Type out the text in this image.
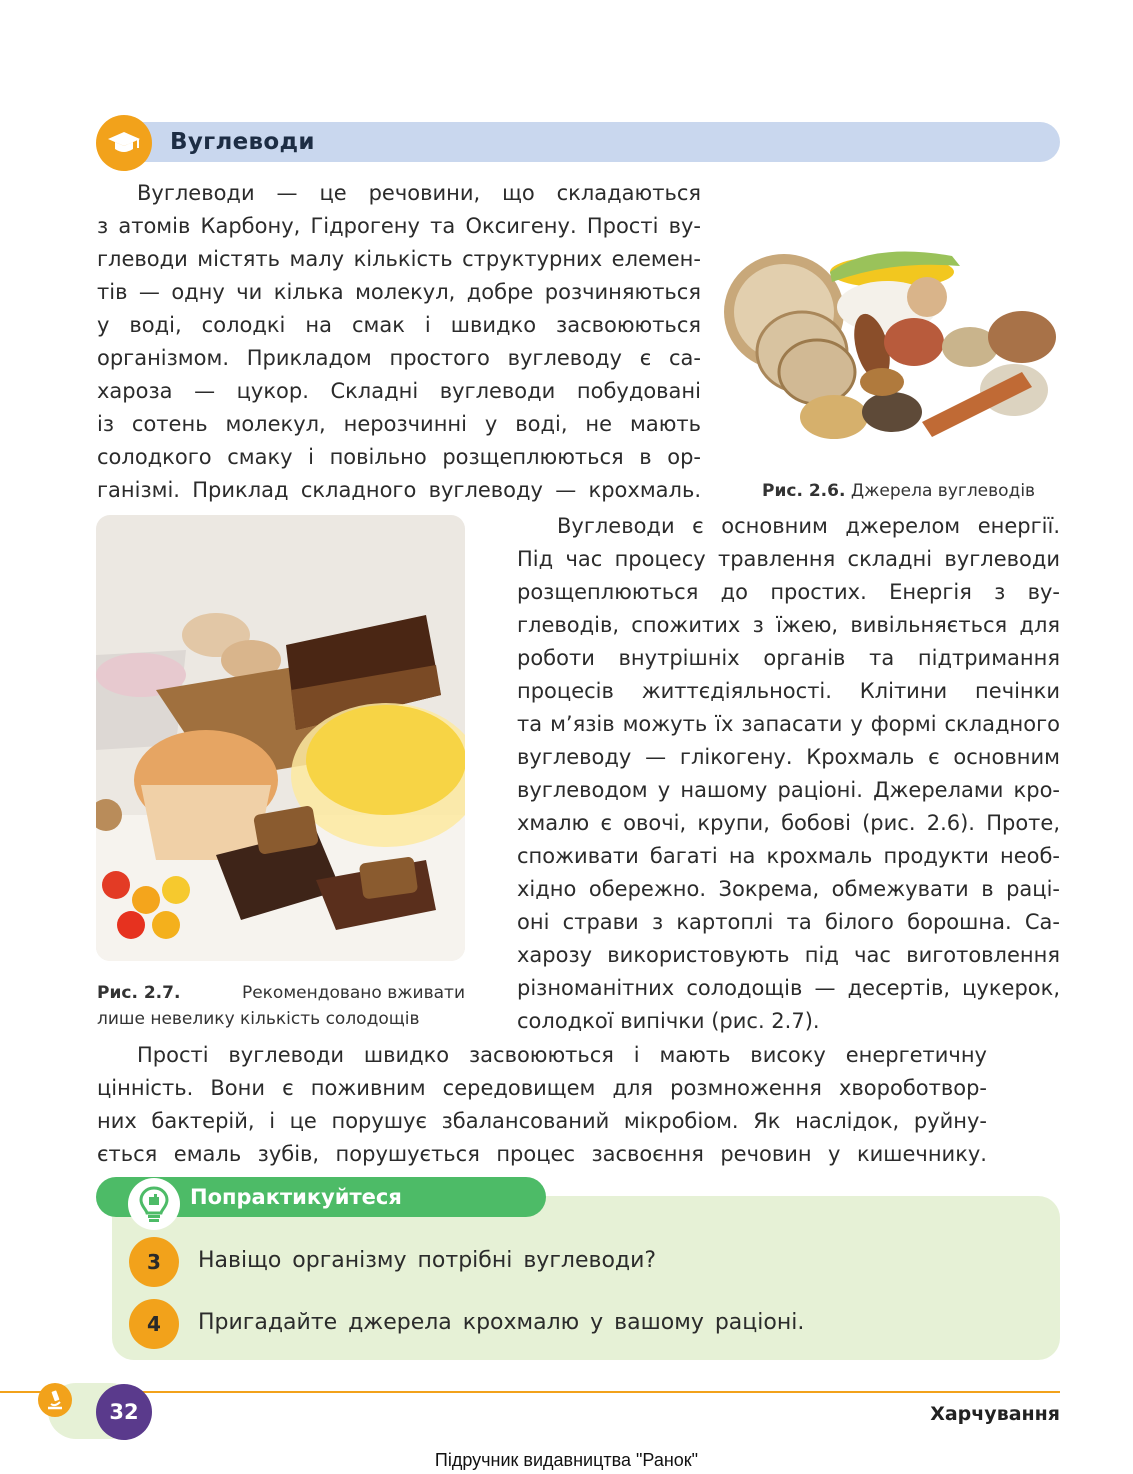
Вуглеводи
Вуглеводи — це речовини, що складаються
з атомів Карбону, Гідрогену та Оксигену. Прості ву-
глеводи містять малу кількість структурних елемен-
тів — одну чи кілька молекул, добре розчиняються
у воді, солодкі на смак і швидко засвоюються
організмом. Прикладом простого вуглеводу є са-
хароза — цукор. Складні вуглеводи побудовані
із сотень молекул, нерозчинні у воді, не мають
солодкого смаку і повільно розщеплюються в ор-
ганізмі. Приклад складного вуглеводу — крохмаль.	Рис. 2.6. Джерела вуглеводів
Рис. 2.7.	Рекомендовано вживати
лише невелику кількість солодощів
Вуглеводи є основним джерелом енергії.
Під час процесу травлення складні вуглеводи
розщеплюються до простих. Енергія з ву-
глеводів, спожитих з їжею, вивільняється для
роботи внутрішніх органів та підтримання
процесів життєдіяльності. Клітини печінки
та м’язів можуть їх запасати у формі складного
вуглеводу — глікогену. Крохмаль є основним
вуглеводом у нашому раціоні. Джерелами кро-
хмалю є овочі, крупи, бобові (рис. 2.6). Проте,
споживати багаті на крохмаль продукти необ-
хідно обережно. Зокрема, обмежувати в раці-
оні страви з картоплі та білого борошна. Са-
харозу використовують під час виготовлення
різноманітних солодощів — десертів, цукерок,
солодкої випічки (рис. 2.7).
Прості вуглеводи швидко засвоюються і мають високу енергетичну
цінність. Вони є поживним середовищем для розмноження хвороботвор-
них бактерій, і це порушує збалансований мікробіом. Як наслідок, руйну-
ється емаль зубів, порушується процес засвоєння речовин у кишечнику.
Попрактикуйтеся
3	Навіщо організму потрібні вуглеводи?
4	Пригадайте джерела крохмалю у вашому раціоні.
32	Харчування
Підручник видавництва "Ранок"
